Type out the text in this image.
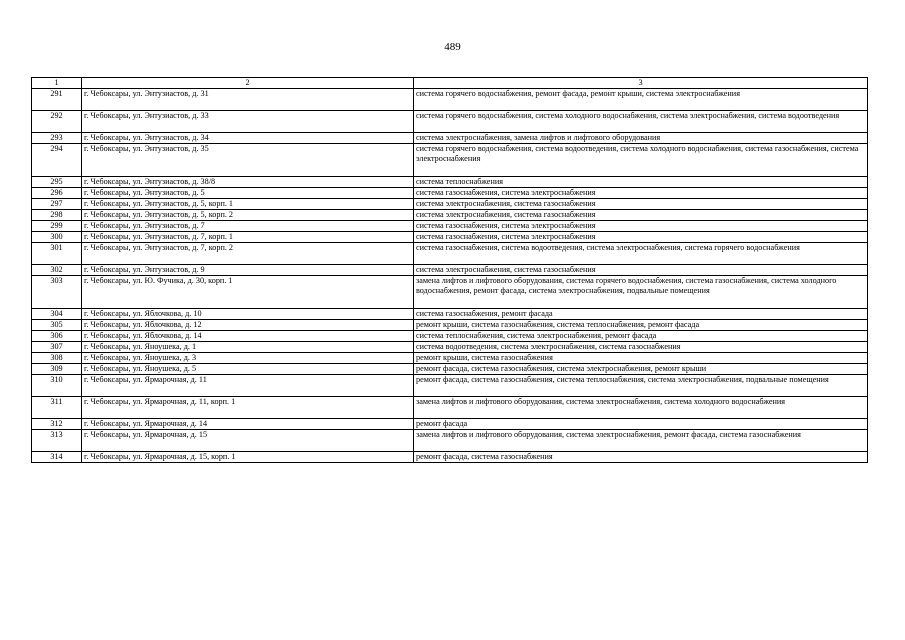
489
1	2	3
291	г. Чебоксары, ул. Энтузиастов, д. 31	система горячего водоснабжения, ремонт фасада, ремонт крыши, система электроснабжения
292	г. Чебоксары, ул. Энтузиастов, д. 33	система горячего водоснабжения, система холодного водоснабжения, система электроснабжения, система водоотведения
293	г. Чебоксары, ул. Энтузиастов, д. 34	система электроснабжения, замена лифтов и лифтового оборудования
294	г. Чебоксары, ул. Энтузиастов, д. 35	система горячего водоснабжения, система водоотведения, система холодного водоснабжения, система газоснабжения, система электроснабжения
295	г. Чебоксары, ул. Энтузиастов, д. 38/8	система теплоснабжения
296	г. Чебоксары, ул. Энтузиастов, д. 5	система газоснабжения, система электроснабжения
297	г. Чебоксары, ул. Энтузиастов, д. 5, корп. 1	система электроснабжения, система газоснабжения
298	г. Чебоксары, ул. Энтузиастов, д. 5, корп. 2	система электроснабжения, система газоснабжения
299	г. Чебоксары, ул. Энтузиастов, д. 7	система газоснабжения, система электроснабжения
300	г. Чебоксары, ул. Энтузиастов, д. 7, корп. 1	система газоснабжения, система электроснабжения
301	г. Чебоксары, ул. Энтузиастов, д. 7, корп. 2	система газоснабжения, система водоотведения, система электроснабжения, система горячего водоснабжения
302	г. Чебоксары, ул. Энтузиастов, д. 9	система электроснабжения, система газоснабжения
303	г. Чебоксары, ул. Ю. Фучика, д. 30, корп. 1	замена лифтов и лифтового оборудования, система горячего водоснабжения, система газоснабжения, система холодного водоснабжения, ремонт фасада, система электроснабжения, подвальные помещения
304	г. Чебоксары, ул. Яблочкова, д. 10	система газоснабжения, ремонт фасада
305	г. Чебоксары, ул. Яблочкова, д. 12	ремонт крыши, система газоснабжения, система теплоснабжения, ремонт фасада
306	г. Чебоксары, ул. Яблочкова, д. 14	система теплоснабжения, система электроснабжения, ремонт фасада
307	г. Чебоксары, ул. Яноушека, д. 1	система водоотведения, система электроснабжения, система газоснабжения
308	г. Чебоксары, ул. Яноушека, д. 3	ремонт крыши, система газоснабжения
309	г. Чебоксары, ул. Яноушека, д. 5	ремонт фасада, система газоснабжения, система электроснабжения, ремонт крыши
310	г. Чебоксары, ул. Ярмарочная, д. 11	ремонт фасада, система газоснабжения, система теплоснабжения, система электроснабжения, подвальные помещения
311	г. Чебоксары, ул. Ярмарочная, д. 11, корп. 1	замена лифтов и лифтового оборудования, система электроснабжения, система холодного водоснабжения
312	г. Чебоксары, ул. Ярмарочная, д. 14	ремонт фасада
313	г. Чебоксары, ул. Ярмарочная, д. 15	замена лифтов и лифтового оборудования, система электроснабжения, ремонт фасада, система газоснабжения
314	г. Чебоксары, ул. Ярмарочная, д. 15, корп. 1	ремонт фасада, система газоснабжения
